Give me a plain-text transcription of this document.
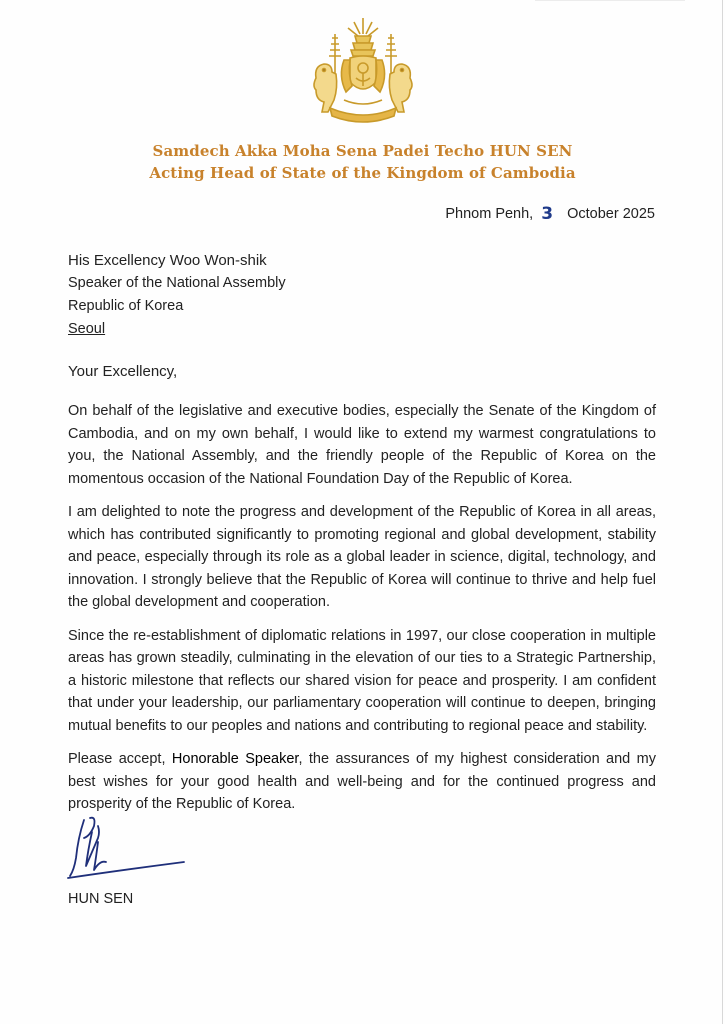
Samdech Akka Moha Sena Padei Techo HUN SEN
Acting Head of State of the Kingdom of Cambodia
Phnom Penh, 3 October 2025
His Excellency Woo Won-shik
Speaker of the National Assembly
Republic of Korea
Seoul
Your Excellency,

On behalf of the legislative and executive bodies, especially the Senate of the Kingdom of Cambodia, and on my own behalf, I would like to extend my warmest congratulations to you, the National Assembly, and the friendly people of the Republic of Korea on the momentous occasion of the National Foundation Day of the Republic of Korea.

I am delighted to note the progress and development of the Republic of Korea in all areas, which has contributed significantly to promoting regional and global development, stability and peace, especially through its role as a global leader in science, digital, technology, and innovation. I strongly believe that the Republic of Korea will continue to thrive and help fuel the global development and cooperation.

Since the re-establishment of diplomatic relations in 1997, our close cooperation in multiple areas has grown steadily, culminating in the elevation of our ties to a Strategic Partnership, a historic milestone that reflects our shared vision for peace and prosperity. I am confident that under your leadership, our parliamentary cooperation will continue to deepen, bringing mutual benefits to our peoples and nations and contributing to regional peace and stability.

Please accept, Honorable Speaker, the assurances of my highest consideration and my best wishes for your good health and well-being and for the continued progress and prosperity of the Republic of Korea.

HUN SEN
